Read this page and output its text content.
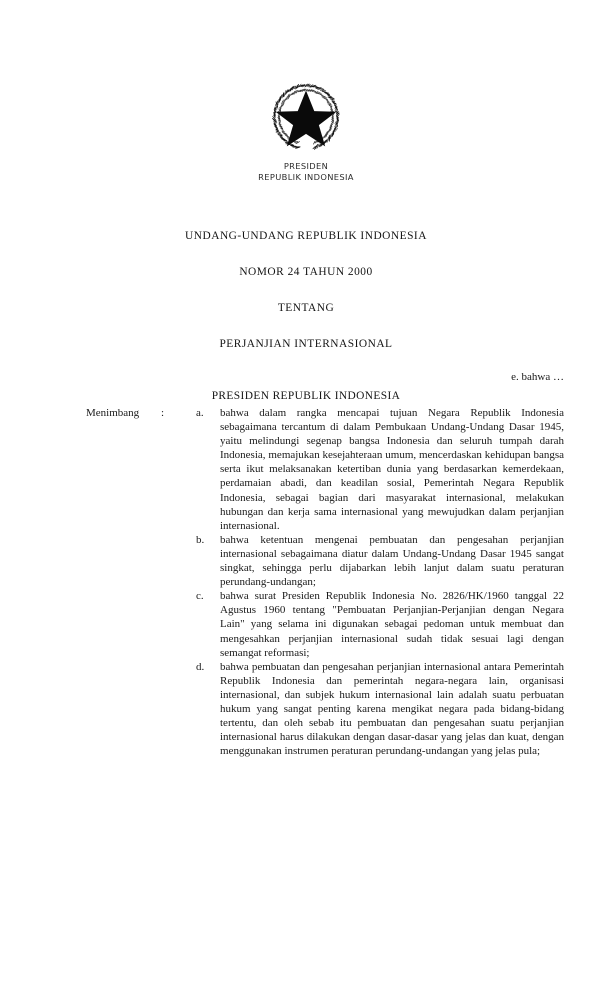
PRESIDEN
REPUBLIK INDONESIA
UNDANG-UNDANG REPUBLIK INDONESIA
NOMOR 24 TAHUN 2000
TENTANG
PERJANJIAN INTERNASIONAL
PRESIDEN REPUBLIK INDONESIA
Menimbang	:	a.	bahwa dalam rangka mencapai tujuan Negara Republik Indonesia sebagaimana tercantum di dalam Pembukaan Undang-Undang Dasar 1945, yaitu melindungi segenap bangsa Indonesia dan seluruh tumpah darah Indonesia, memajukan kesejahteraan umum, mencerdaskan kehidupan bangsa serta ikut melaksanakan ketertiban dunia yang berdasarkan kemerdekaan, perdamaian abadi, dan keadilan sosial, Pemerintah Negara Republik Indonesia, sebagai bagian dari masyarakat internasional, melakukan hubungan dan kerja sama internasional yang mewujudkan dalam perjanjian internasional.
b.	bahwa ketentuan mengenai pembuatan dan pengesahan perjanjian internasional sebagaimana diatur dalam Undang-Undang Dasar 1945 sangat singkat, sehingga perlu dijabarkan lebih lanjut dalam suatu peraturan perundang-undangan;
c.	bahwa surat Presiden Republik Indonesia No. 2826/HK/1960 tanggal 22 Agustus 1960 tentang "Pembuatan Perjanjian-Perjanjian dengan Negara Lain" yang selama ini digunakan sebagai pedoman untuk membuat dan mengesahkan perjanjian internasional sudah tidak sesuai lagi dengan semangat reformasi;
d.	bahwa pembuatan dan pengesahan perjanjian internasional antara Pemerintah Republik Indonesia dan pemerintah negara-negara lain, organisasi internasional, dan subjek hukum internasional lain adalah suatu perbuatan hukum yang sangat penting karena mengikat negara pada bidang-bidang tertentu, dan oleh sebab itu pembuatan dan pengesahan suatu perjanjian internasional harus dilakukan dengan dasar-dasar yang jelas dan kuat, dengan menggunakan instrumen peraturan perundang-undangan yang jelas pula;
e. bahwa …
